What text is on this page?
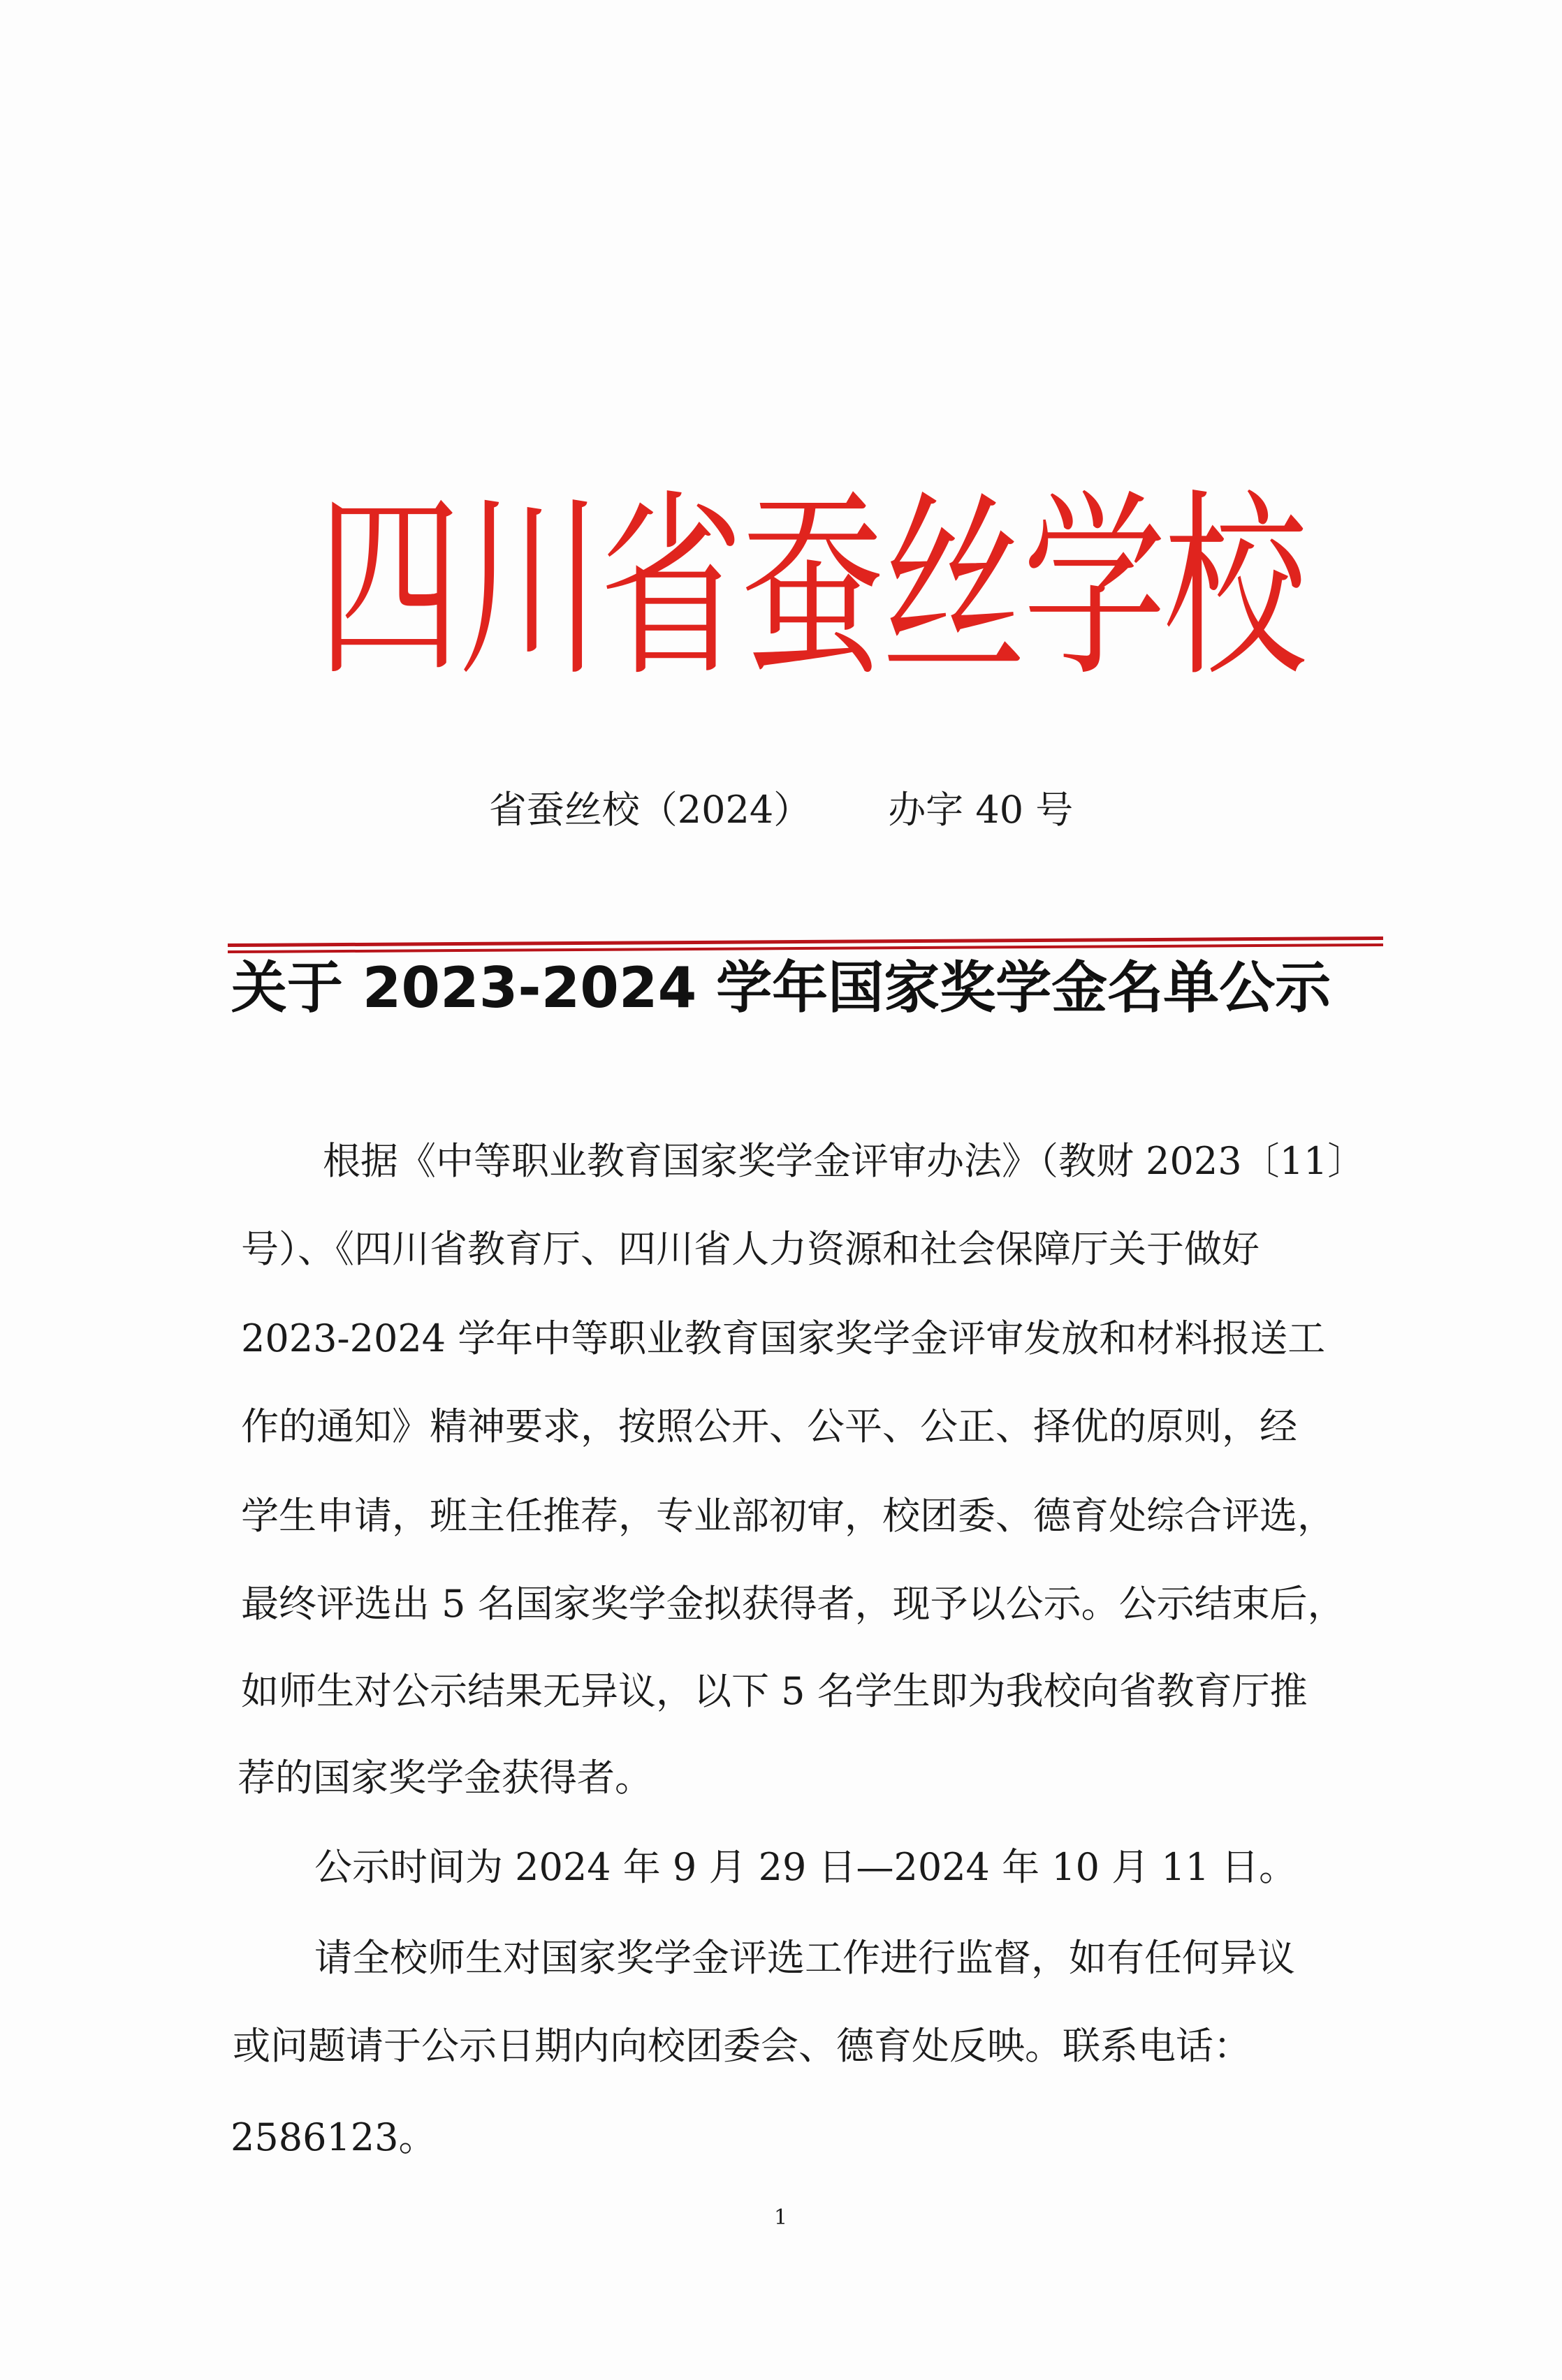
四川省蚕丝学校
省蚕丝校（2024） 办字 40 号
关于 2023-2024 学年国家奖学金名单公示
根据《中等职业教育国家奖学金评审办法》（教财 2023〔11〕
号）、《四川省教育厅、四川省人力资源和社会保障厅关于做好
2023-2024 学年中等职业教育国家奖学金评审发放和材料报送工
作的通知》精神要求，按照公开、公平、公正、择优的原则，经
学生申请，班主任推荐，专业部初审，校团委、德育处综合评选，
最终评选出 5 名国家奖学金拟获得者，现予以公示。公示结束后，
如师生对公示结果无异议，以下 5 名学生即为我校向省教育厅推
荐的国家奖学金获得者。
公示时间为 2024 年 9 月 29 日—2024 年 10 月 11 日。
请全校师生对国家奖学金评选工作进行监督，如有任何异议
或问题请于公示日期内向校团委会、德育处反映。联系电话：
2586123。
1
